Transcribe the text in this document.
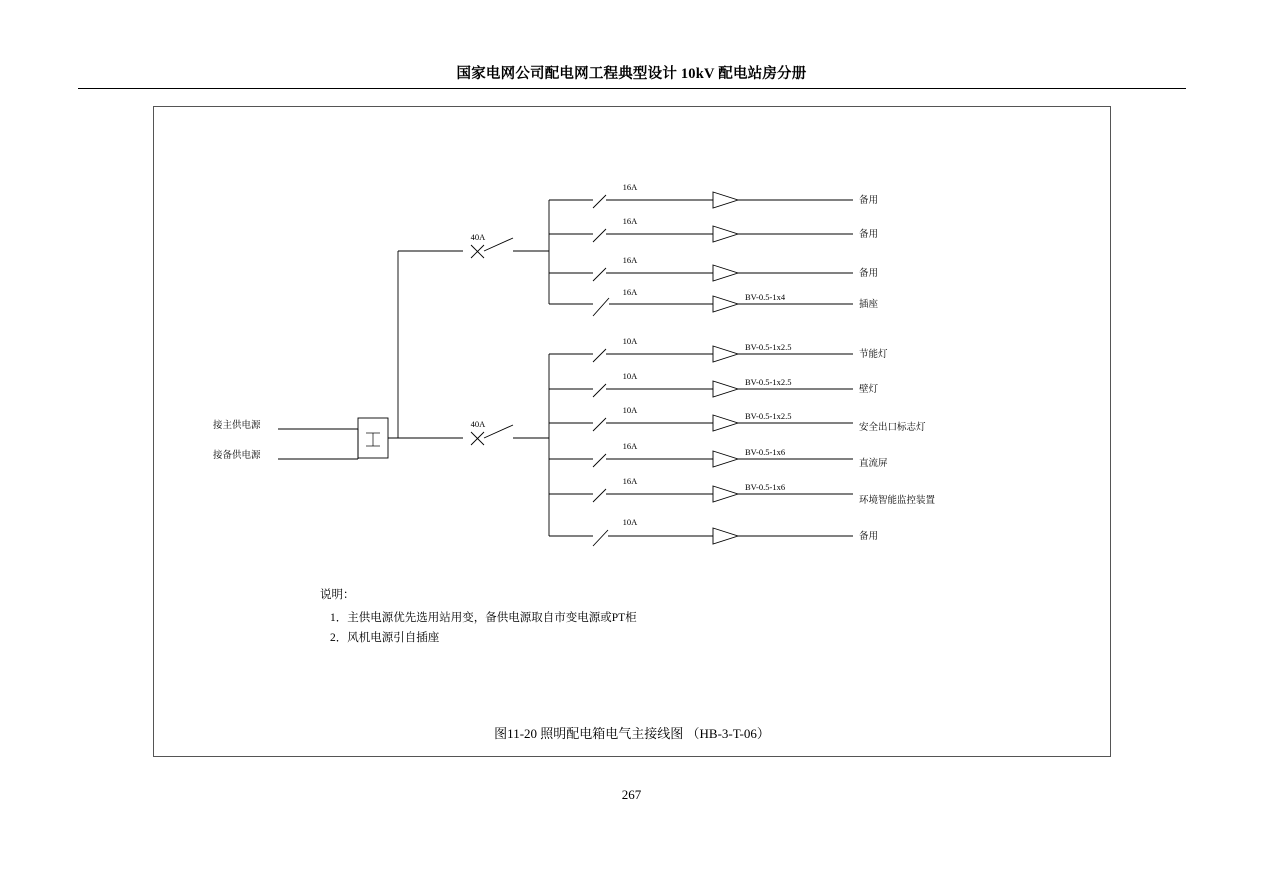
国家电网公司配电网工程典型设计 10kV 配电站房分册
接主供电源
接备供电源
40A
16A
备用
16A
备用
16A
备用
16A
插座
BV-0.5-1x4
40A
10A
BV-0.5-1x2.5
节能灯
10A
BV-0.5-1x2.5
壁灯
10A
BV-0.5-1x2.5
安全出口标志灯
16A
BV-0.5-1x6
直流屏
16A
BV-0.5-1x6
环境智能监控装置
10A
备用
说明：
1．主供电源优先选用站用变，备供电源取自市变电源或PT柜
2．风机电源引自插座
图11-20 照明配电箱电气主接线图 （HB-3-T-06）
267
